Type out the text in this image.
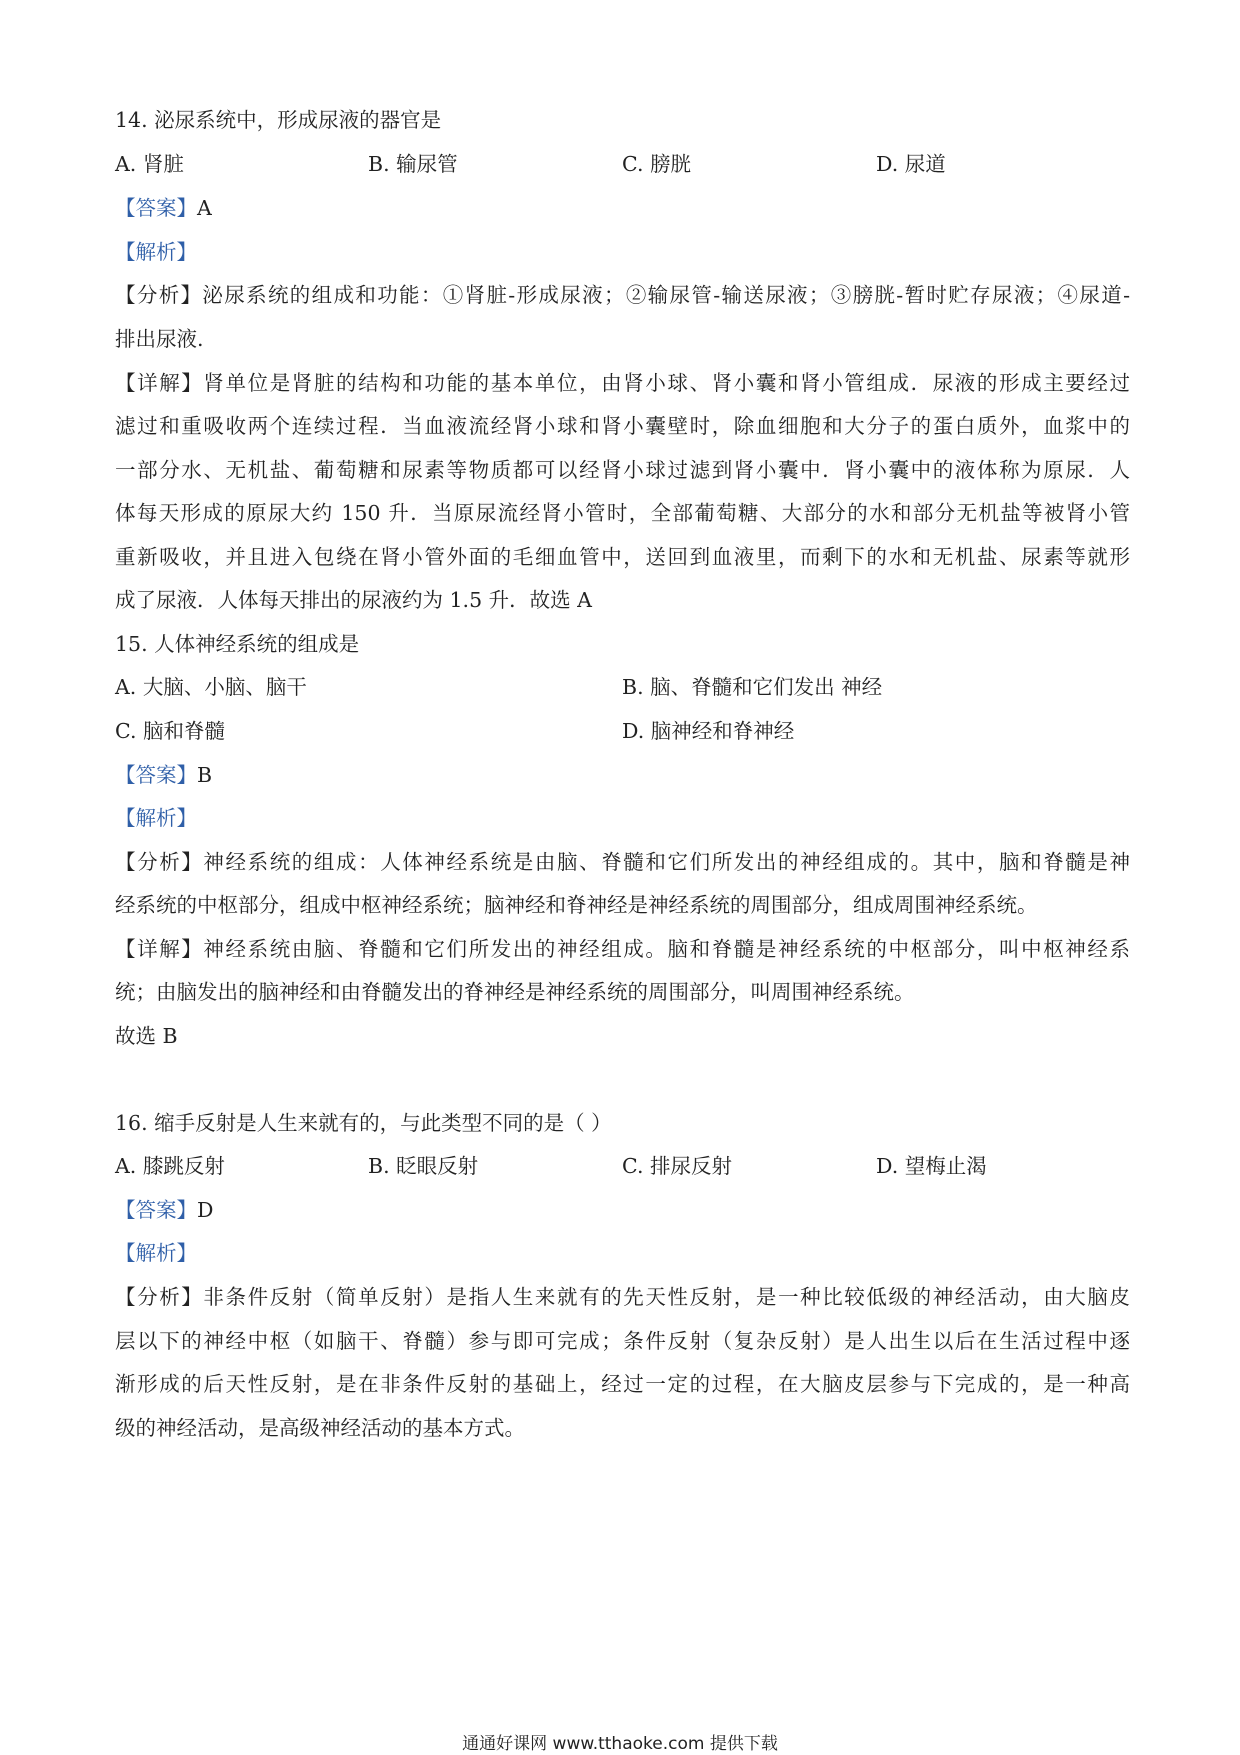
14. 泌尿系统中，形成尿液的器官是
A. 肾脏	B. 输尿管	C. 膀胱	D. 尿道
【答案】A
【解析】
【分析】泌尿系统的组成和功能：①肾脏-形成尿液；②输尿管-输送尿液；③膀胱-暂时贮存尿液；④尿道-
排出尿液.
【详解】肾单位是肾脏的结构和功能的基本单位，由肾小球、肾小囊和肾小管组成．尿液的形成主要经过
滤过和重吸收两个连续过程．当血液流经肾小球和肾小囊壁时，除血细胞和大分子的蛋白质外，血浆中的
一部分水、无机盐、葡萄糖和尿素等物质都可以经肾小球过滤到肾小囊中．肾小囊中的液体称为原尿．人
体每天形成的原尿大约 150 升．当原尿流经肾小管时，全部葡萄糖、大部分的水和部分无机盐等被肾小管
重新吸收，并且进入包绕在肾小管外面的毛细血管中，送回到血液里，而剩下的水和无机盐、尿素等就形
成了尿液．人体每天排出的尿液约为 1.5 升．故选 A
15. 人体神经系统的组成是
A. 大脑、小脑、脑干	B. 脑、脊髓和它们发出 神经
C. 脑和脊髓	D. 脑神经和脊神经
【答案】B
【解析】
【分析】神经系统的组成：人体神经系统是由脑、脊髓和它们所发出的神经组成的。其中，脑和脊髓是神
经系统的中枢部分，组成中枢神经系统；脑神经和脊神经是神经系统的周围部分，组成周围神经系统。
【详解】神经系统由脑、脊髓和它们所发出的神经组成。脑和脊髓是神经系统的中枢部分，叫中枢神经系
统；由脑发出的脑神经和由脊髓发出的脊神经是神经系统的周围部分，叫周围神经系统。
故选 B
16. 缩手反射是人生来就有的，与此类型不同的是（ ）
A. 膝跳反射	B. 眨眼反射	C. 排尿反射	D. 望梅止渴
【答案】D
【解析】
【分析】非条件反射（简单反射）是指人生来就有的先天性反射，是一种比较低级的神经活动，由大脑皮
层以下的神经中枢（如脑干、脊髓）参与即可完成；条件反射（复杂反射）是人出生以后在生活过程中逐
渐形成的后天性反射，是在非条件反射的基础上，经过一定的过程，在大脑皮层参与下完成的，是一种高
级的神经活动，是高级神经活动的基本方式。
通通好课网 www.tthaoke.com 提供下载
